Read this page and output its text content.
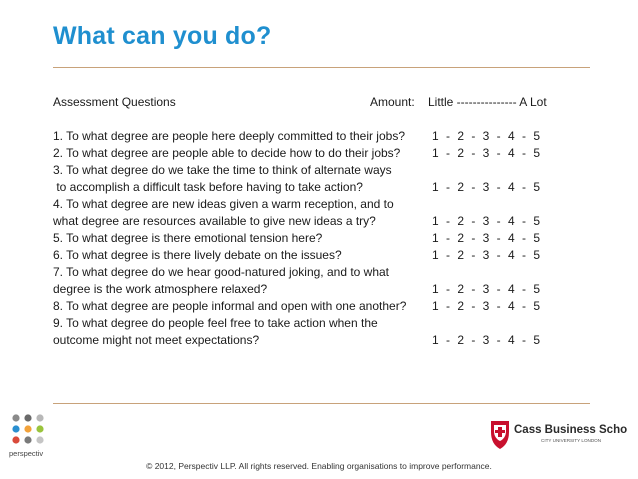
What can you do?
Assessment Questions	Amount: Little --------------- A Lot
1. To what degree are people here deeply committed to their jobs? 1 - 2 - 3 - 4 - 5
2. To what degree are people able to decide how to do their jobs?	1 - 2 - 3 - 4 - 5
3. To what degree do we take the time to think of alternate ways
to accomplish a difficult task before having to take action?	1 - 2 - 3 - 4 - 5
4. To what degree are new ideas given a warm reception, and to
what degree are resources available to give new ideas a try?	1 - 2 - 3 - 4 - 5
5. To what degree is there emotional tension here?	1 - 2 - 3 - 4 - 5
6. To what degree is there lively debate on the issues?	1 - 2 - 3 - 4 - 5
7. To what degree do we hear good-natured joking, and to what
degree is the work atmosphere relaxed?	1 - 2 - 3 - 4 - 5
8. To what degree are people informal and open with one another? 1 - 2 - 3 - 4 - 5
9. To what degree do people feel free to take action when the
outcome might not meet expectations?	1 - 2 - 3 - 4 - 5
perspectiv
Cass Business School
CITY UNIVERSITY LONDON
© 2012, Perspectiv LLP. All rights reserved. Enabling organisations to improve performance.
